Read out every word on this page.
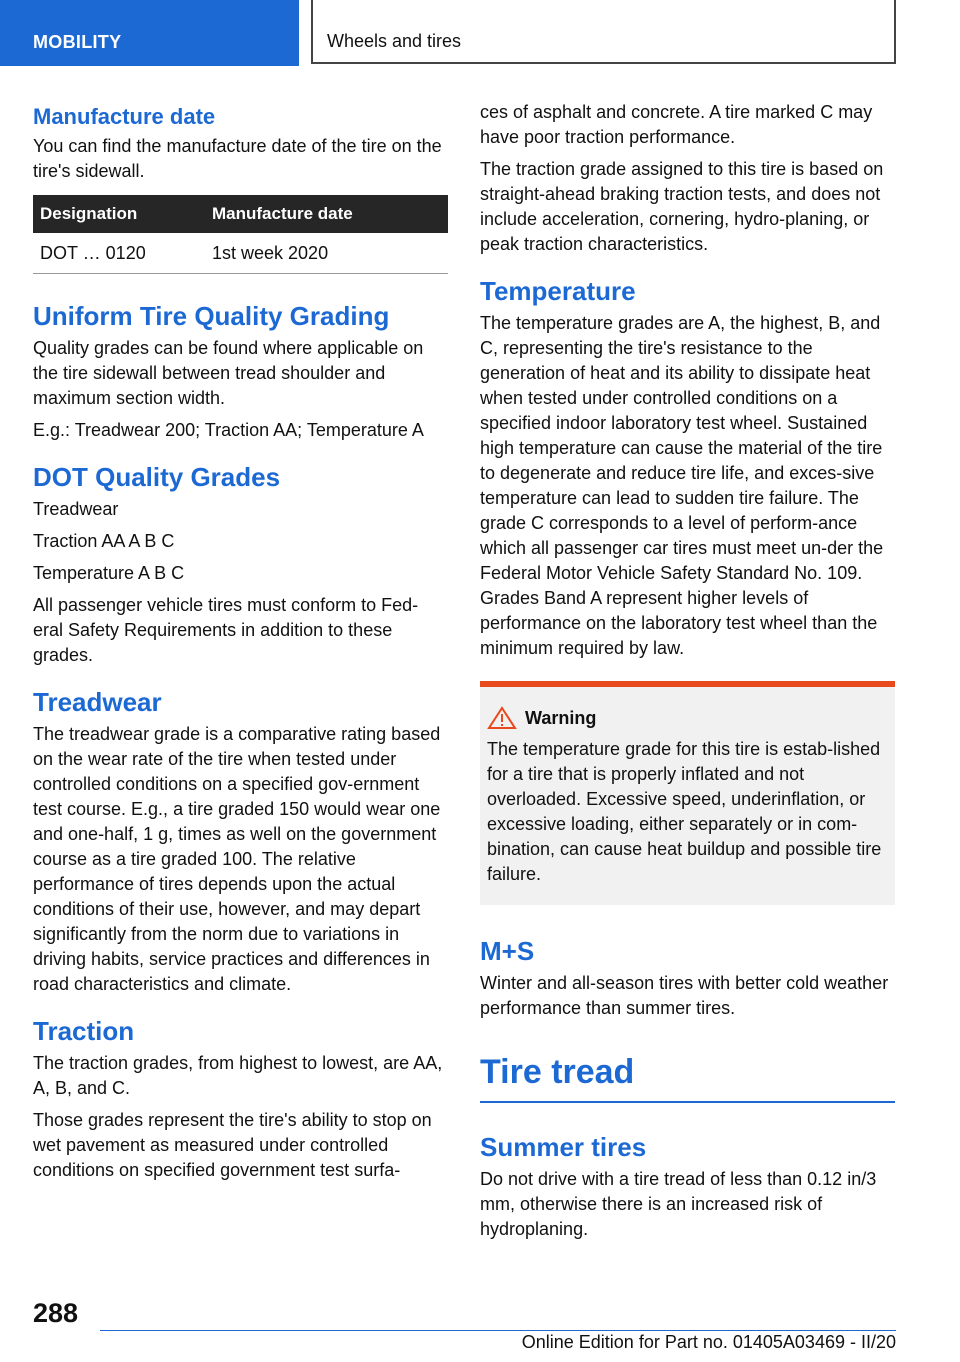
MOBILITY	Wheels and tires
Manufacture date

You can find the manufacture date of the tire on the tire's sidewall.

Designation	Manufacture date
DOT … 0120	1st week 2020
Uniform Tire Quality Grading

Quality grades can be found where applicable on the tire sidewall between tread shoulder and maximum section width.

E.g.: Treadwear 200; Traction AA; Temperature A

DOT Quality Grades

Treadwear

Traction AA A B C

Temperature A B C

All passenger vehicle tires must conform to Fed‐eral Safety Requirements in addition to these grades.

Treadwear

The treadwear grade is a comparative rating based on the wear rate of the tire when tested under controlled conditions on a specified gov‐ernment test course. E.g., a tire graded 150 would wear one and one-half, 1 g, times as well on the government course as a tire graded 100. The relative performance of tires depends upon the actual conditions of their use, however, and may depart significantly from the norm due to variations in driving habits, service practices and differences in road characteristics and climate.

Traction

The traction grades, from highest to lowest, are AA, A, B, and C.

Those grades represent the tire's ability to stop on wet pavement as measured under controlled conditions on specified government test surfa‐

ces of asphalt and concrete. A tire marked C may have poor traction performance.

The traction grade assigned to this tire is based on straight-ahead braking traction tests, and does not include acceleration, cornering, hydro‐planing, or peak traction characteristics.

Temperature

The temperature grades are A, the highest, B, and C, representing the tire's resistance to the generation of heat and its ability to dissipate heat when tested under controlled conditions on a specified indoor laboratory test wheel. Sustained high temperature can cause the material of the tire to degenerate and reduce tire life, and exces‐sive temperature can lead to sudden tire failure. The grade C corresponds to a level of perform‐ance which all passenger car tires must meet un‐der the Federal Motor Vehicle Safety Standard No. 109. Grades Band A represent higher levels of performance on the laboratory test wheel than the minimum required by law.

Warning

The temperature grade for this tire is estab‐lished for a tire that is properly inflated and not overloaded. Excessive speed, underinflation, or excessive loading, either separately or in com‐bination, can cause heat buildup and possible tire failure.

M+S

Winter and all-season tires with better cold weather performance than summer tires.

Tire tread
Summer tires

Do not drive with a tire tread of less than 0.12 in/3 mm, otherwise there is an increased risk of hydroplaning.

288
Online Edition for Part no. 01405A03469 - II/20
